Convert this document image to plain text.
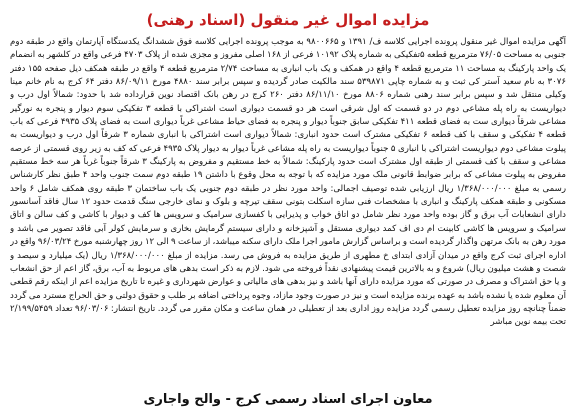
مزایده اموال غیر منقول (اسناد رهنی)
آگهی مزایده اموال غیر منقول پرونده اجرایی کلاسه ف/ ۱۳۹۱ و ۹۸۰۰۶۶۵ به موجب پرونده اجرایی کلاسه فوق ششدانگ یکدستگاه آپارتمان واقع در طبقه دوم جنوبی به مساحت ۷۶/۰۵ مترمربع قطعه ۵تفکیکی به شماره پلاک ۱۰۱۹۲ فرعی از ۱۶۸ اصلی مفروز و مجزی شده از پلاک ۴۷۰۳ فرعی واقع در کلشهر به انضمام یک واحد پارکینگ به مساحت ۱۱ مترمربع قطعه ۴ واقع در همکف و یک باب انباری به مساحت ۲/۷۴ مترمربع قطعه ۴ واقع در طبقه همکف ذیل صفحه ۱۵۵ دفتر ۳۰۷۶ به نام سعید آستر کی ثبت و به شماره چاپی ۵۳۹۸۷۱ سند مالکیت صادر گردیده و سپس برابر سند ۴۸۸۰ مورخ ۸۶/۰۹/۱۱ دفتر ۶۴ کرج به نام خانم مینا وکیلی منتقل شد و سپس برابر سند رهنی شماره ۸۸۰۶ مورخ ۸۶/۱۱/۱۰ دفتر ۲۶۰ کرج در رهن بانک اقتصاد نوین قرارداده شد با حدود: شمالاً اول درب و دیواریست به راه پله مشاعی دوم در دو قسمت که اول شرقی است هر دو قسمت دیواری است اشتراکی با قطعه ۳ تفکیکی سوم دیوار و پنجره به نورگیر مشاعی شرقاً دیواری ست به فضای قطعه ۴۱۱ تفکیکی سابق جنوباً دیوار و پنجره به فضای حیاط مشاعی غرباً دیواری است به فضای پلاک ۴۹۳۵ فرعی که باب قطعه ۴ تفکیکی و سقف با کف قطعه ۶ تفکیکی مشترک است حدود انباری: شمالاً دیواری است اشتراکی با انباری شماره ۳ شرقاً اول درب و دیواریست به پیلوت مشاعی دوم دیواریست اشتراکی با انباری ۵ جنوباً دیواریست به راه پله مشاعی غرباً دیوار به دیوار پلاک ۴۹۳۵ فرعی که کف به زیر روی قسمتی از عرصه مشاعی و سقف با کف قسمتی از طبقه اول مشترک است حدود پارکینگ: شمالاً به خط مستقیم و مفروض به پارکینگ ۳ شرقاً جنوباً غرباً هر سه خط مستقیم مفروض به پیلوت مشاعی که برابر ضوابط قانونی ملک مورد مزایده که با توجه به محل وقوع با داشتن ۱۹ طبقه دوم سمت جنوب واحد ۴ طبق نظر کارشناس رسمی به مبلغ ۱/۳۶۸/۰۰۰/۰۰۰ ریال ارزیابی شده توصیف اجمالی: واحد مورد نظر در طبقه دوم جنوبی یک باب ساختمان ۳ طبقه روی همکف شامل ۶ واحد مسکونی و طبقه همکف پارکینگ و انباری با مشخصات فنی سازه اسکلت بتونی سقف تیرچه و بلوک و نمای خارجی سنگ قدمت حدود ۱۲ سال فاقد آسانسور دارای انشعابات آب برق و گاز بوده واحد مورد نظر شامل دو اتاق خواب و پذیرایی با کفسازی سرامیک و سرویس ها کف و دیوار با کاشی و کف سالن و اتاق سرامیک و سرویس ها کاشی کابینت ام دی اف کمد دیواری مستقل و آشپزخانه و دارای سیستم گرمایش بخاری و سرمایش کولر آبی فاقد تصویر می باشد و مورد رهن به بانک مرتهن واگذار گردیده است و براساس گزارش مامور اجرا ملک دارای سکنه میباشد، از ساعت ۹ الی ۱۲ روز چهارشنبه مورخ ۹۶/۰۳/۲۴ واقع در اداره اجرای ثبت کرج واقع در میدان آزادی ابتدای خ مطهری از طریق مزایده به فروش می رسد. مزایده از مبلغ ۱/۳۶۸/۰۰۰/۰۰۰ ریال (یک میلیارد و سیصد و شصت و هشت میلیون ریال) شروع و به بالاترین قیمت پیشنهادی نقداً فروخته می شود. لازم به ذکر است بدهی های مربوط به آب، برق، گاز اعم از حق انشعاب و یا حق اشتراک و مصرف در صورتی که مورد مزایده دارای آنها باشد و نیز بدهی های مالیاتی و عوارض شهرداری و غیره تا تاریخ مزایده اعم از اینکه رقم قطعی آن معلوم شده یا نشده باشد به عهده برنده مزایده است و نیز در صورت وجود مازاد، وجوه پرداختی اضافه بر طلب و حقوق دولتی و حق الحراج مسترد می گردد ضمناً چنانچه روز مزایده تعطیل رسمی گردد مزایده روز اداری بعد از تعطیلی در همان ساعت و مکان مقرر می گردد. تاریخ انتشار: ۹۶/۰۳/۰۶ تعداد ۲/۱۹۹/۵۴۵۹ تحت بیمه نوین مباشر
معاون اجرای اسناد رسمی کرج - والح واجاری
